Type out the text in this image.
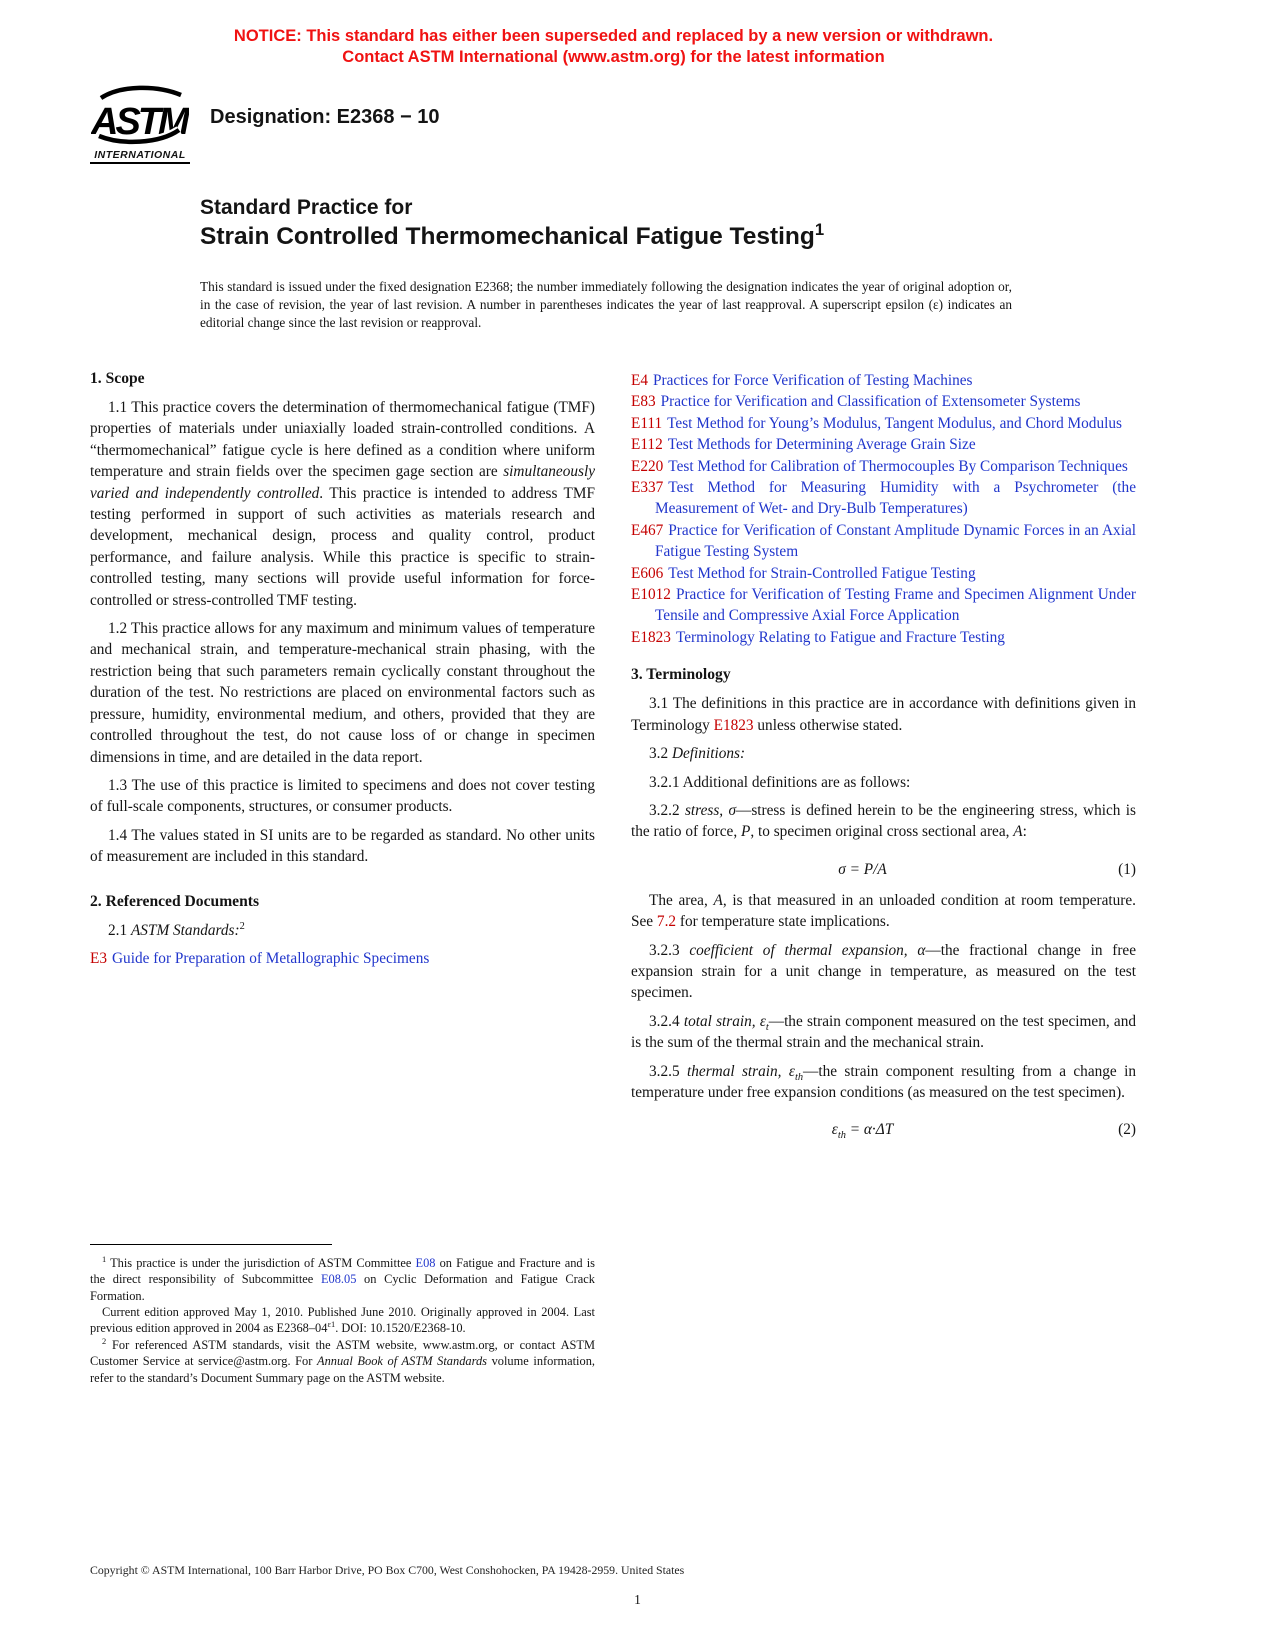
NOTICE: This standard has either been superseded and replaced by a new version or withdrawn.
Contact ASTM International (www.astm.org) for the latest information
ASTM
INTERNATIONAL
Designation: E2368 − 10
Standard Practice for
Strain Controlled Thermomechanical Fatigue Testing$^1$

This standard is issued under the fixed designation E2368; the number immediately following the designation indicates the year of original adoption or, in the case of revision, the year of last revision. A number in parentheses indicates the year of last reapproval. A superscript epsilon (ε) indicates an editorial change since the last revision or reapproval.

1. Scope

1.1 This practice covers the determination of thermomechanical fatigue (TMF) properties of materials under uniaxially loaded strain-controlled conditions. A “thermomechanical” fatigue cycle is here defined as a condition where uniform temperature and strain fields over the specimen gage section are simultaneously varied and independently controlled. This practice is intended to address TMF testing performed in support of such activities as materials research and development, mechanical design, process and quality control, product performance, and failure analysis. While this practice is specific to strain-controlled testing, many sections will provide useful information for force-controlled or stress-controlled TMF testing.

1.2 This practice allows for any maximum and minimum values of temperature and mechanical strain, and temperature-mechanical strain phasing, with the restriction being that such parameters remain cyclically constant throughout the duration of the test. No restrictions are placed on environmental factors such as pressure, humidity, environmental medium, and others, provided that they are controlled throughout the test, do not cause loss of or change in specimen dimensions in time, and are detailed in the data report.

1.3 The use of this practice is limited to specimens and does not cover testing of full-scale components, structures, or consumer products.

1.4 The values stated in SI units are to be regarded as standard. No other units of measurement are included in this standard.

2. Referenced Documents

2.1 ASTM Standards:$^2$

E3 Guide for Preparation of Metallographic Specimens

$^1$ This practice is under the jurisdiction of ASTM Committee E08 on Fatigue and Fracture and is the direct responsibility of Subcommittee E08.05 on Cyclic Deformation and Fatigue Crack Formation.

Current edition approved May 1, 2010. Published June 2010. Originally approved in 2004. Last previous edition approved in 2004 as $E2368-04^{\varepsilon 1}$. DOI: 10.1520/E2368-10.

$^2$ For referenced ASTM standards, visit the ASTM website, www.astm.org, or contact ASTM Customer Service at service@astm.org. For Annual Book of ASTM Standards volume information, refer to the standard’s Document Summary page on the ASTM website.

E4 Practices for Force Verification of Testing Machines
E83 Practice for Verification and Classification of Extensometer Systems
E111 Test Method for Young’s Modulus, Tangent Modulus, and Chord Modulus
E112 Test Methods for Determining Average Grain Size
E220 Test Method for Calibration of Thermocouples By Comparison Techniques
E337 Test Method for Measuring Humidity with a Psychrometer (the Measurement of Wet- and Dry-Bulb Temperatures)
E467 Practice for Verification of Constant Amplitude Dynamic Forces in an Axial Fatigue Testing System
E606 Test Method for Strain-Controlled Fatigue Testing
E1012 Practice for Verification of Testing Frame and Specimen Alignment Under Tensile and Compressive Axial Force Application
E1823 Terminology Relating to Fatigue and Fracture Testing
3. Terminology

3.1 The definitions in this practice are in accordance with definitions given in Terminology E1823 unless otherwise stated.

3.2 Definitions:

3.2.1 Additional definitions are as follows:

3.2.2 stress, σ—stress is defined herein to be the engineering stress, which is the ratio of force, P, to specimen original cross sectional area, A:

σ = P/A	(1)

The area, A, is that measured in an unloaded condition at room temperature. See 7.2 for temperature state implications.

3.2.3 coefficient of thermal expansion, α—the fractional change in free expansion strain for a unit change in temperature, as measured on the test specimen.

3.2.4 total strain, $\varepsilon_t—the$ strain component measured on the test specimen, and is the sum of the thermal strain and the mechanical strain.

3.2.5 thermal strain, $\varepsilon_{th}—the$ strain component resulting from a change in temperature under free expansion conditions (as measured on the test specimen).

$\varepsilon_{th} = \alpha\cdot\Delta T$	(2)
Copyright © ASTM International, 100 Barr Harbor Drive, PO Box C700, West Conshohocken, PA 19428-2959. United States
1
